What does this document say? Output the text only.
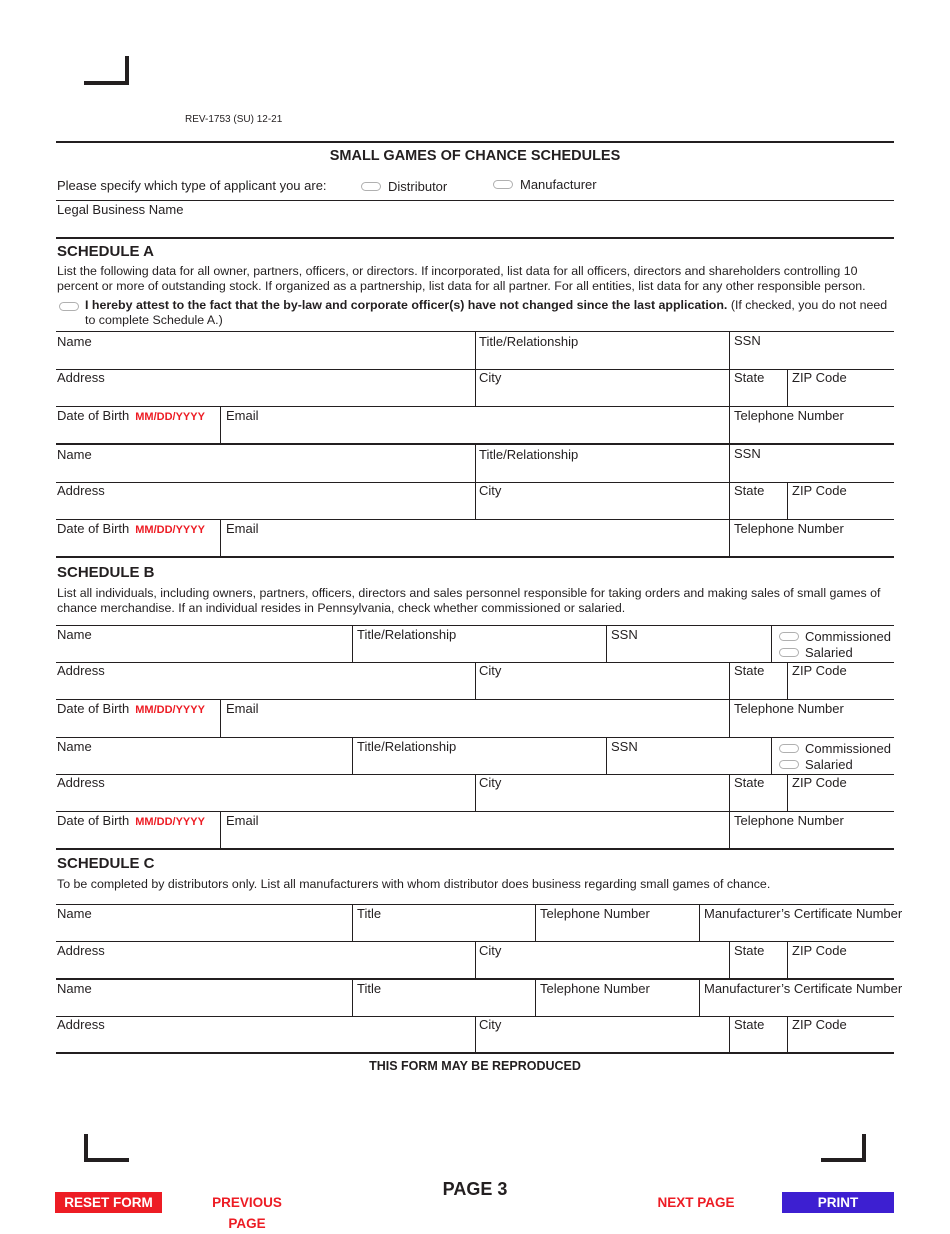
REV-1753 (SU) 12-21
SMALL GAMES OF CHANCE SCHEDULES
Please specify which type of applicant you are:	Distributor	Manufacturer
Legal Business Name
SCHEDULE A
List the following data for all owner, partners, officers, or directors. If incorporated, list data for all officers, directors and shareholders controlling 10 percent or more of outstanding stock. If organized as a partnership, list data for all partner. For all entities, list data for any other responsible person.
I hereby attest to the fact that the by-law and corporate officer(s) have not changed since the last application. (If checked, you do not need to complete Schedule A.)
Name	Title/Relationship	SSN
Address	City	State ZIP Code
Date of Birth MM/DD/YYYY Email	Telephone Number
Name	Title/Relationship	SSN
Address	City	State ZIP Code
Date of Birth MM/DD/YYYY Email	Telephone Number
SCHEDULE B
List all individuals, including owners, partners, officers, directors and sales personnel responsible for taking orders and making sales of small games of chance merchandise. If an individual resides in Pennsylvania, check whether commissioned or salaried.
Name	Title/Relationship	SSN	Commissioned
Salaried
Address	City	State ZIP Code
Date of Birth MM/DD/YYYY Email	Telephone Number
Name	Title/Relationship	SSN	Commissioned
Salaried
Address	City	State ZIP Code
Date of Birth MM/DD/YYYY Email	Telephone Number
SCHEDULE C
To be completed by distributors only. List all manufacturers with whom distributor does business regarding small games of chance.
Name	Title	Telephone Number	Manufacturer’s Certificate Number
Address	City	State ZIP Code
Name	Title	Telephone Number	Manufacturer’s Certificate Number
Address	City	State ZIP Code
THIS FORM MAY BE REPRODUCED
PAGE 3
RESET FORM	PREVIOUS PAGE
NEXT PAGE	PRINT
